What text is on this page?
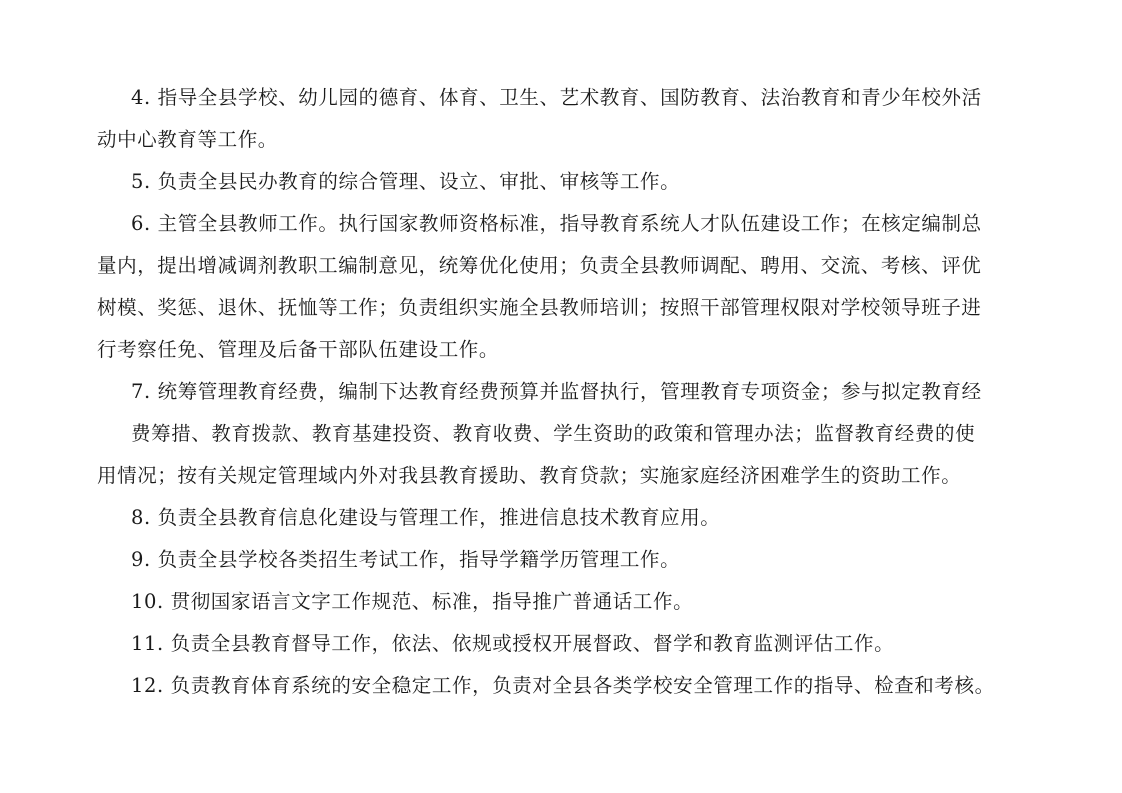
4. 指导全县学校、幼儿园的德育、体育、卫生、艺术教育、国防教育、法治教育和青少年校外活
动中心教育等工作。
5. 负责全县民办教育的综合管理、设立、审批、审核等工作。
6. 主管全县教师工作。执行国家教师资格标准，指导教育系统人才队伍建设工作；在核定编制总
量内，提出增减调剂教职工编制意见，统筹优化使用；负责全县教师调配、聘用、交流、考核、评优
树模、奖惩、退休、抚恤等工作；负责组织实施全县教师培训；按照干部管理权限对学校领导班子进
行考察任免、管理及后备干部队伍建设工作。
7. 统筹管理教育经费，编制下达教育经费预算并监督执行，管理教育专项资金；参与拟定教育经
费筹措、教育拨款、教育基建投资、教育收费、学生资助的政策和管理办法；监督教育经费的使
用情况；按有关规定管理域内外对我县教育援助、教育贷款；实施家庭经济困难学生的资助工作。
8. 负责全县教育信息化建设与管理工作，推进信息技术教育应用。
9. 负责全县学校各类招生考试工作，指导学籍学历管理工作。
10. 贯彻国家语言文字工作规范、标准，指导推广普通话工作。
11. 负责全县教育督导工作，依法、依规或授权开展督政、督学和教育监测评估工作。
12. 负责教育体育系统的安全稳定工作，负责对全县各类学校安全管理工作的指导、检查和考核。
